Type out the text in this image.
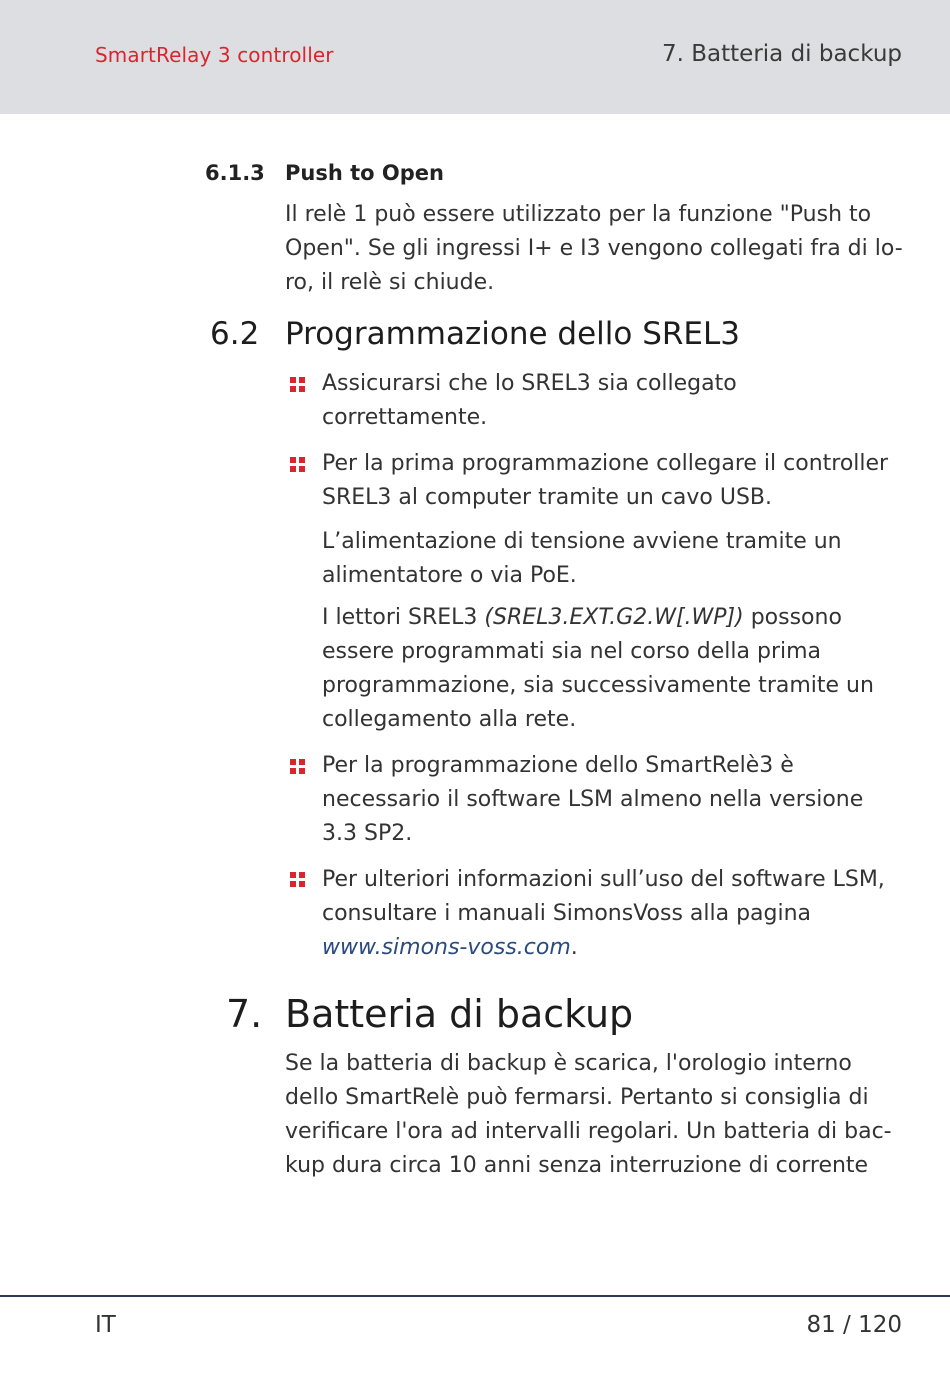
SmartRelay 3 controller	7. Batteria di backup
6.1.3 Push to Open
Il relè 1 può essere utilizzato per la funzione "Push to
Open". Se gli ingressi I+ e I3 vengono collegati fra di lo-
ro, il relè si chiude.
6.2 Programmazione dello SREL3
Assicurarsi che lo SREL3 sia collegato
correttamente.
Per la prima programmazione collegare il controller
SREL3 al computer tramite un cavo USB.
L’alimentazione di tensione avviene tramite un
alimentatore o via PoE.
I lettori SREL3 (SREL3.EXT.G2.W[.WP]) possono
essere programmati sia nel corso della prima
programmazione, sia successivamente tramite un
collegamento alla rete.
Per la programmazione dello SmartRelè3 è
necessario il software LSM almeno nella versione
3.3 SP2.
Per ulteriori informazioni sull’uso del software LSM,
consultare i manuali SimonsVoss alla pagina
www.simons-voss.com.
7. Batteria di backup
Se la batteria di backup è scarica, l'orologio interno
dello SmartRelè può fermarsi. Pertanto si consiglia di
verificare l'ora ad intervalli regolari. Un batteria di bac-
kup dura circa 10 anni senza interruzione di corrente
IT	81 / 120
